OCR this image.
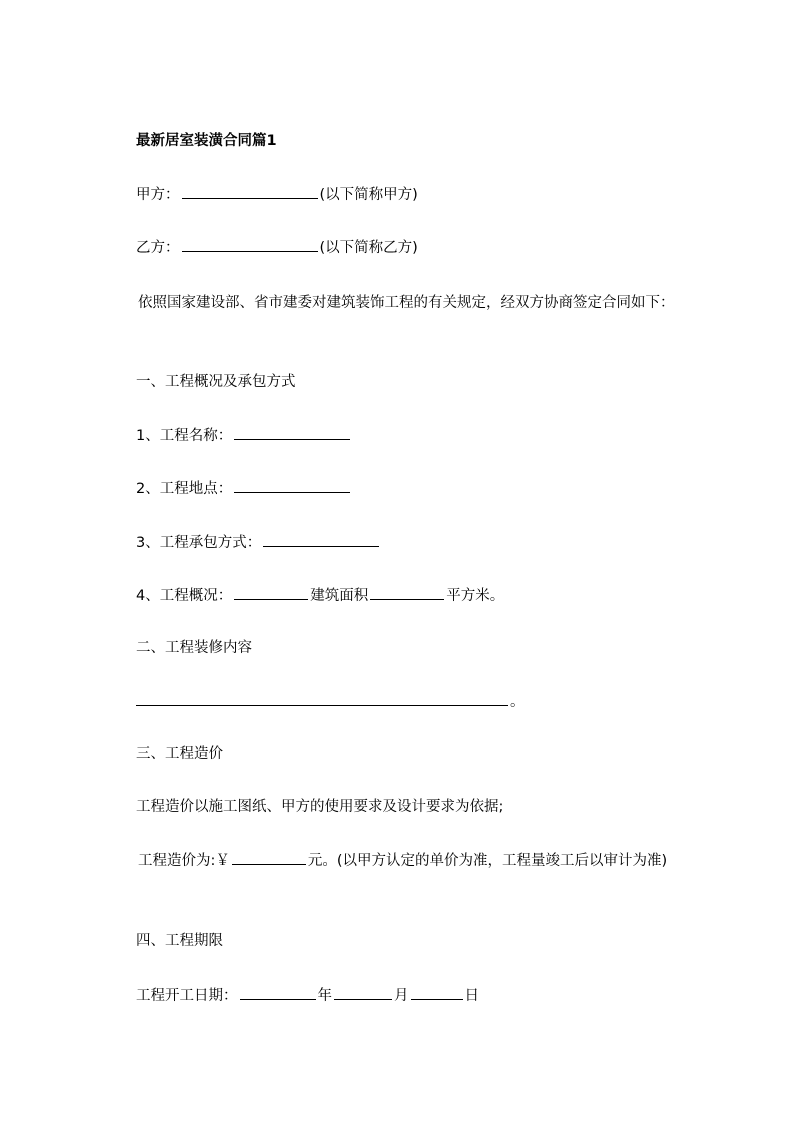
最新居室装潢合同篇1
甲方：	(以下简称甲方)
乙方：	(以下简称乙方)
依照国家建设部、省市建委对建筑装饰工程的有关规定，经双方协商签定合同如下：
一、工程概况及承包方式
1、工程名称：
2、工程地点：
3、工程承包方式：
4、工程概况：	建筑面积	平方米。
二、工程装修内容
。
三、工程造价
工程造价以施工图纸、甲方的使用要求及设计要求为依据;
工程造价为:￥	元。(以甲方认定的单价为准，工程量竣工后以审计为准)
四、工程期限
工程开工日期：	年	月	日
